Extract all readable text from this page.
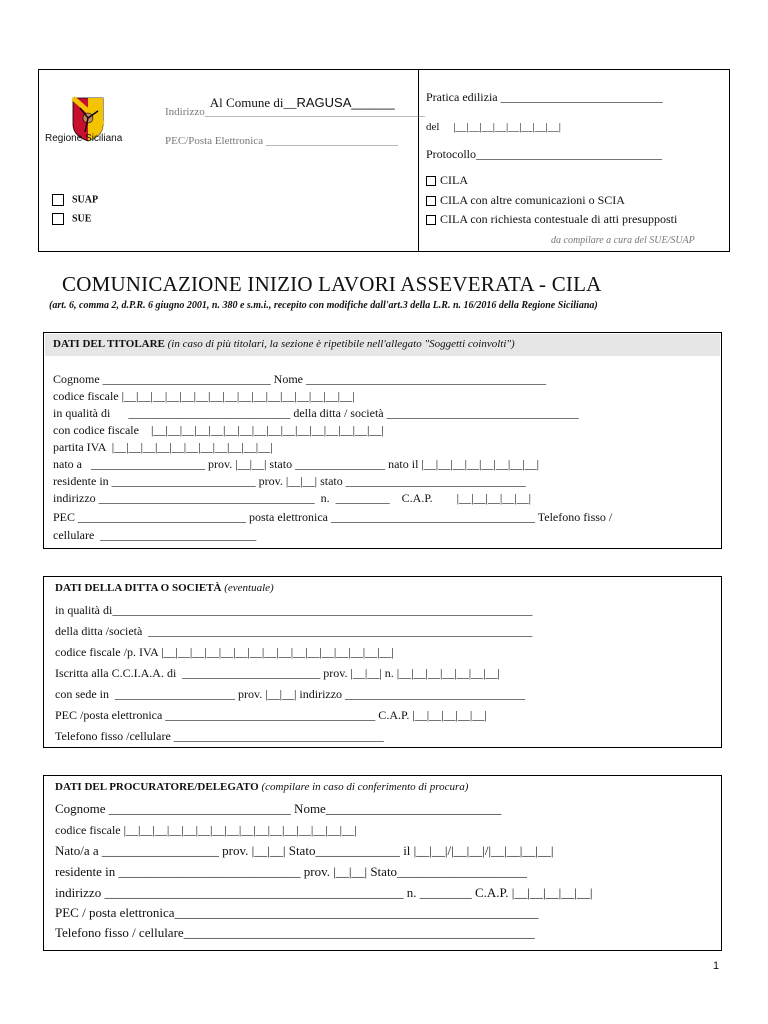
Regione Siciliana

Al Comune di__RAGUSA______

Indirizzo________________________________________
PEC/Posta Elettronica ________________________
SUAP
SUE
Pratica edilizia ___________________________
del     |__|__|__|__|__|__|__|__|
Protocollo_______________________________
CILA
CILA con altre comunicazioni o SCIA
CILA con richiesta contestuale di atti presupposti
da compilare a cura del SUE/SUAP
COMUNICAZIONE INIZIO LAVORI ASSEVERATA - CILA
(art. 6, comma 2, d.P.R. 6 giugno 2001, n. 380 e s.m.i., recepito con modifiche dall'art.3 della L.R. n. 16/2016 della Regione Siciliana)
DATI DEL TITOLARE (in caso di più titolari, la sezione è ripetibile nell'allegato "Soggetti coinvolti")
Cognome ____________________________ Nome ________________________________________
codice fiscale |__|__|__|__|__|__|__|__|__|__|__|__|__|__|__|__|
in qualità di      ___________________________ della ditta / società ________________________________
con codice fiscale    |__|__|__|__|__|__|__|__|__|__|__|__|__|__|__|__|
partita IVA  |__|__|__|__|__|__|__|__|__|__|__|
nato a   ___________________ prov. |__|__| stato _______________ nato il |__|__|__|__|__|__|__|__|
residente in ________________________ prov. |__|__| stato ______________________________
indirizzo ____________________________________  n.  _________    C.A.P.        |__|__|__|__|__|
PEC ____________________________ posta elettronica __________________________________ Telefono fisso /
cellulare  __________________________
DATI DELLA DITTA O SOCIETÀ (eventuale)
in qualità di______________________________________________________________________
della ditta /società  ________________________________________________________________
codice fiscale /p. IVA |__|__|__|__|__|__|__|__|__|__|__|__|__|__|__|__|
Iscritta alla C.C.I.A.A. di  _______________________ prov. |__|__| n. |__|__|__|__|__|__|__|
con sede in  ____________________ prov. |__|__| indirizzo ______________________________
PEC /posta elettronica ___________________________________ C.A.P. |__|__|__|__|__|
Telefono fisso /cellulare ___________________________________
DATI DEL PROCURATORE/DELEGATO (compilare in caso di conferimento di procura)
Cognome ____________________________ Nome___________________________
codice fiscale |__|__|__|__|__|__|__|__|__|__|__|__|__|__|__|__|
Nato/a a __________________ prov. |__|__| Stato_____________ il |__|__|/|__|__|/|__|__|__|__|
residente in ____________________________ prov. |__|__| Stato____________________
indirizzo ______________________________________________ n. ________ C.A.P. |__|__|__|__|__|
PEC / posta elettronica________________________________________________________
Telefono fisso / cellulare______________________________________________________
1
